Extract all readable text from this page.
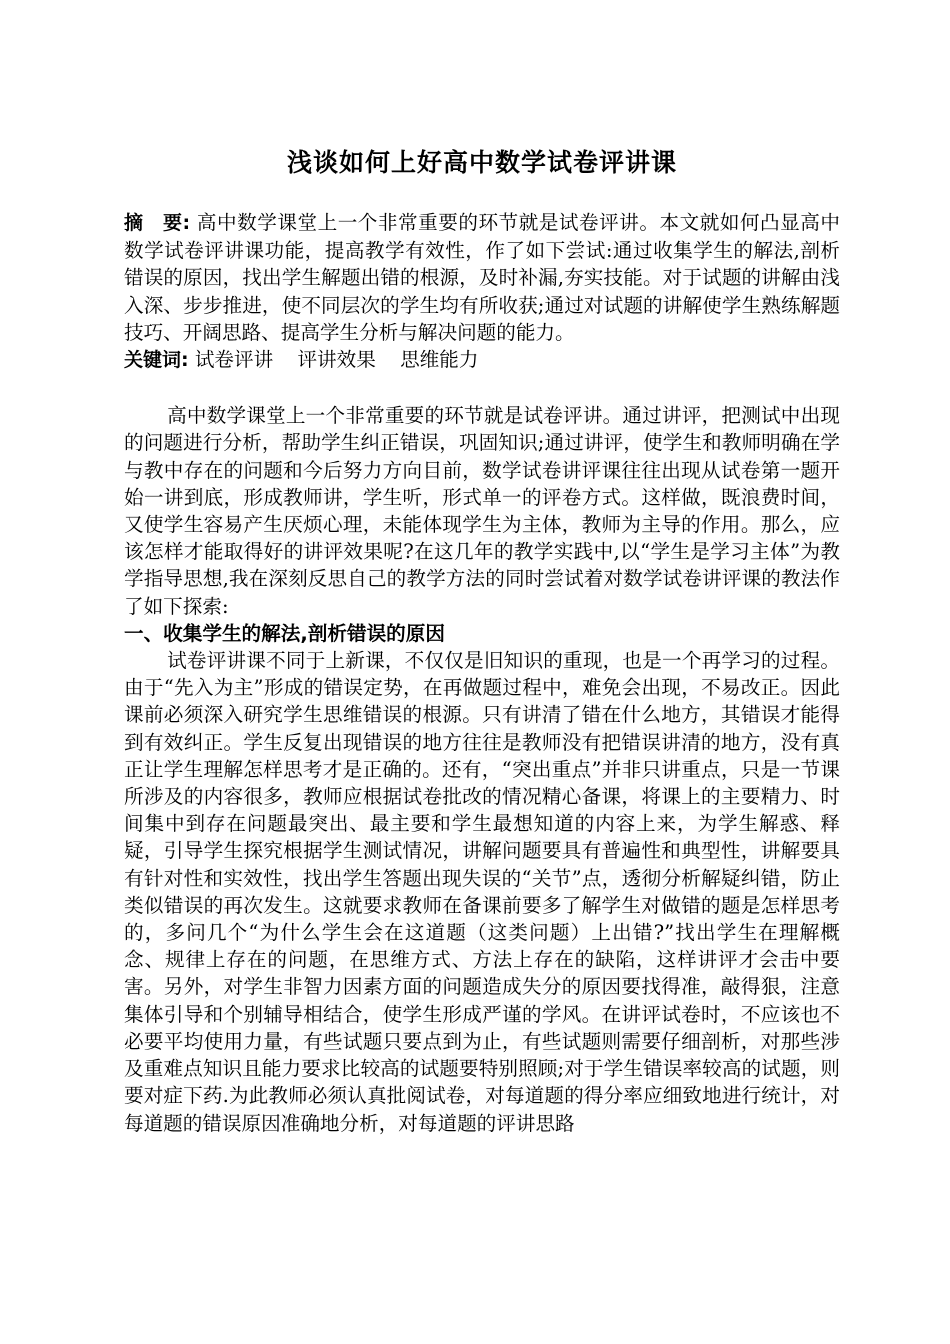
浅谈如何上好高中数学试卷评讲课

摘　要: 高中数学课堂上一个非常重要的环节就是试卷评讲。本文就如何凸显高中数学试卷评讲课功能，提高教学有效性，作了如下尝试:通过收集学生的解法,剖析错误的原因，找出学生解题出错的根源，及时补漏,夯实技能。对于试题的讲解由浅入深、步步推进，使不同层次的学生均有所收获;通过对试题的讲解使学生熟练解题技巧、开阔思路、提高学生分析与解决问题的能力。

关键词: 试卷评讲 评讲效果 思维能力

高中数学课堂上一个非常重要的环节就是试卷评讲。通过讲评，把测试中出现的问题进行分析，帮助学生纠正错误，巩固知识;通过讲评，使学生和教师明确在学与教中存在的问题和今后努力方向目前，数学试卷讲评课往往出现从试卷第一题开始一讲到底，形成教师讲，学生听，形式单一的评卷方式。这样做，既浪费时间，又使学生容易产生厌烦心理，未能体现学生为主体，教师为主导的作用。那么，应该怎样才能取得好的讲评效果呢?在这几年的教学实践中,以“学生是学习主体”为教学指导思想,我在深刻反思自己的教学方法的同时尝试着对数学试卷讲评课的教法作了如下探索:

一、收集学生的解法,剖析错误的原因

试卷评讲课不同于上新课，不仅仅是旧知识的重现，也是一个再学习的过程。由于“先入为主”形成的错误定势，在再做题过程中，难免会出现，不易改正。因此课前必须深入研究学生思维错误的根源。只有讲清了错在什么地方，其错误才能得到有效纠正。学生反复出现错误的地方往往是教师没有把错误讲清的地方，没有真正让学生理解怎样思考才是正确的。还有，“突出重点”并非只讲重点，只是一节课所涉及的内容很多，教师应根据试卷批改的情况精心备课，将课上的主要精力、时间集中到存在问题最突出、最主要和学生最想知道的内容上来，为学生解惑、释疑，引导学生探究根据学生测试情况，讲解问题要具有普遍性和典型性，讲解要具有针对性和实效性，找出学生答题出现失误的“关节”点，透彻分析解疑纠错，防止类似错误的再次发生。这就要求教师在备课前要多了解学生对做错的题是怎样思考的，多问几个“为什么学生会在这道题（这类问题）上出错?”找出学生在理解概念、规律上存在的问题，在思维方式、方法上存在的缺陷，这样讲评才会击中要害。另外，对学生非智力因素方面的问题造成失分的原因要找得准，敲得狠，注意集体引导和个别辅导相结合，使学生形成严谨的学风。在讲评试卷时，不应该也不必要平均使用力量，有些试题只要点到为止，有些试题则需要仔细剖析，对那些涉及重难点知识且能力要求比较高的试题要特别照顾;对于学生错误率较高的试题，则要对症下药.为此教师必须认真批阅试卷，对每道题的得分率应细致地进行统计，对每道题的错误原因准确地分析，对每道题的评讲思路
